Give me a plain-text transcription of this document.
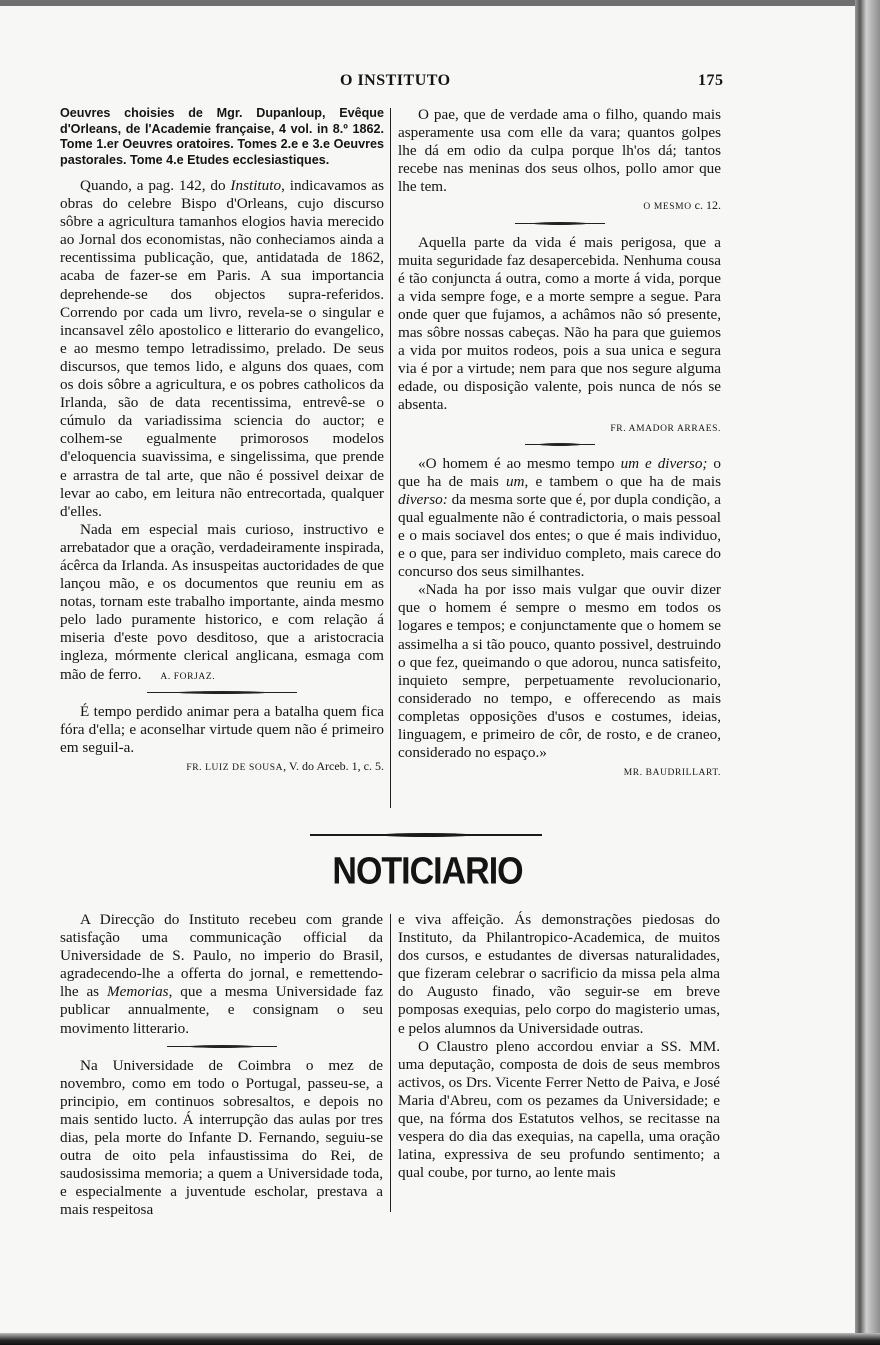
O INSTITUTO	175

Oeuvres choisies de Mgr. Dupanloup, Evêque d'Orleans, de l'Academie française, 4 vol. in 8.º 1862. Tome 1.er Oeuvres oratoires. Tomes 2.e e 3.e Oeuvres pastorales. Tome 4.e Etudes ecclesiastiques.

Quando, a pag. 142, do Instituto, indicavamos as obras do celebre Bispo d'Orleans, cujo discurso sôbre a agricultura tamanhos elogios havia merecido ao Jornal dos economistas, não conheciamos ainda a recentissima publicação, que, antidatada de 1862, acaba de fazer-se em Paris. A sua importancia deprehende-se dos objectos supra-referidos. Correndo por cada um livro, revela-se o singular e incansavel zêlo apostolico e litterario do evangelico, e ao mesmo tempo letradissimo, prelado. De seus discursos, que temos lido, e alguns dos quaes, com os dois sôbre a agricultura, e os pobres catholicos da Irlanda, são de data recentissima, entrevê-se o cúmulo da variadissima sciencia do auctor; e colhem-se egualmente primorosos modelos d'eloquencia suavissima, e singelissima, que prende e arrastra de tal arte, que não é possivel deixar de levar ao cabo, em leitura não entrecortada, qualquer d'elles.

Nada em especial mais curioso, instructivo e arrebatador que a oração, verdadeiramente inspirada, ácêrca da Irlanda. As insuspeitas auctoridades de que lançou mão, e os documentos que reuniu em as notas, tornam este trabalho importante, ainda mesmo pelo lado puramente historico, e com relação á miseria d'este povo desditoso, que a aristocracia ingleza, mórmente clerical anglicana, esmaga com mão de ferro. A. FORJAZ.

É tempo perdido animar pera a batalha quem fica fóra d'ella; e aconselhar virtude quem não é primeiro em seguil-a.

FR. LUIZ DE SOUSA, V. do Arceb. 1, c. 5.

O pae, que de verdade ama o filho, quando mais asperamente usa com elle da vara; quantos golpes lhe dá em odio da culpa porque lh'os dá; tantos recebe nas meninas dos seus olhos, pollo amor que lhe tem.

O MESMO c. 12.

Aquella parte da vida é mais perigosa, que a muita seguridade faz desapercebida. Nenhuma cousa é tão conjuncta á outra, como a morte á vida, porque a vida sempre foge, e a morte sempre a segue. Para onde quer que fujamos, a achâmos não só presente, mas sôbre nossas cabeças. Não ha para que guiemos a vida por muitos rodeos, pois a sua unica e segura via é por a virtude; nem para que nos segure alguma edade, ou disposição valente, pois nunca de nós se absenta.

FR. AMADOR ARRAES.

«O homem é ao mesmo tempo um e diverso; o que ha de mais um, e tambem o que ha de mais diverso: da mesma sorte que é, por dupla condição, a qual egualmente não é contradictoria, o mais pessoal e o mais sociavel dos entes; o que é mais individuo, e o que, para ser individuo completo, mais carece do concurso dos seus similhantes.

«Nada ha por isso mais vulgar que ouvir dizer que o homem é sempre o mesmo em todos os logares e tempos; e conjunctamente que o homem se assimelha a si tão pouco, quanto possivel, destruindo o que fez, queimando o que adorou, nunca satisfeito, inquieto sempre, perpetuamente revolucionario, considerado no tempo, e offerecendo as mais completas opposições d'usos e costumes, ideias, linguagem, e primeiro de côr, de rosto, e de craneo, considerado no espaço.»

MR. BAUDRILLART.

NOTICIARIO

A Direcção do Instituto recebeu com grande satisfação uma communicação official da Universidade de S. Paulo, no imperio do Brasil, agradecendo-lhe a offerta do jornal, e remettendo-lhe as Memorias, que a mesma Universidade faz publicar annualmente, e consignam o seu movimento litterario.

Na Universidade de Coimbra o mez de novembro, como em todo o Portugal, passeu-se, a principio, em continuos sobresaltos, e depois no mais sentido lucto. Á interrupção das aulas por tres dias, pela morte do Infante D. Fernando, seguiu-se outra de oito pela infaustissima do Rei, de saudosissima memoria; a quem a Universidade toda, e especialmente a juventude escholar, prestava a mais respeitosa

e viva affeição. Ás demonstrações piedosas do Instituto, da Philantropico-Academica, de muitos dos cursos, e estudantes de diversas naturalidades, que fizeram celebrar o sacrificio da missa pela alma do Augusto finado, vão seguir-se em breve pomposas exequias, pelo corpo do magisterio umas, e pelos alumnos da Universidade outras.

O Claustro pleno accordou enviar a SS. MM. uma deputação, composta de dois de seus membros activos, os Drs. Vicente Ferrer Netto de Paiva, e José Maria d'Abreu, com os pezames da Universidade; e que, na fórma dos Estatutos velhos, se recitasse na vespera do dia das exequias, na capella, uma oração latina, expressiva de seu profundo sentimento; a qual coube, por turno, ao lente mais
